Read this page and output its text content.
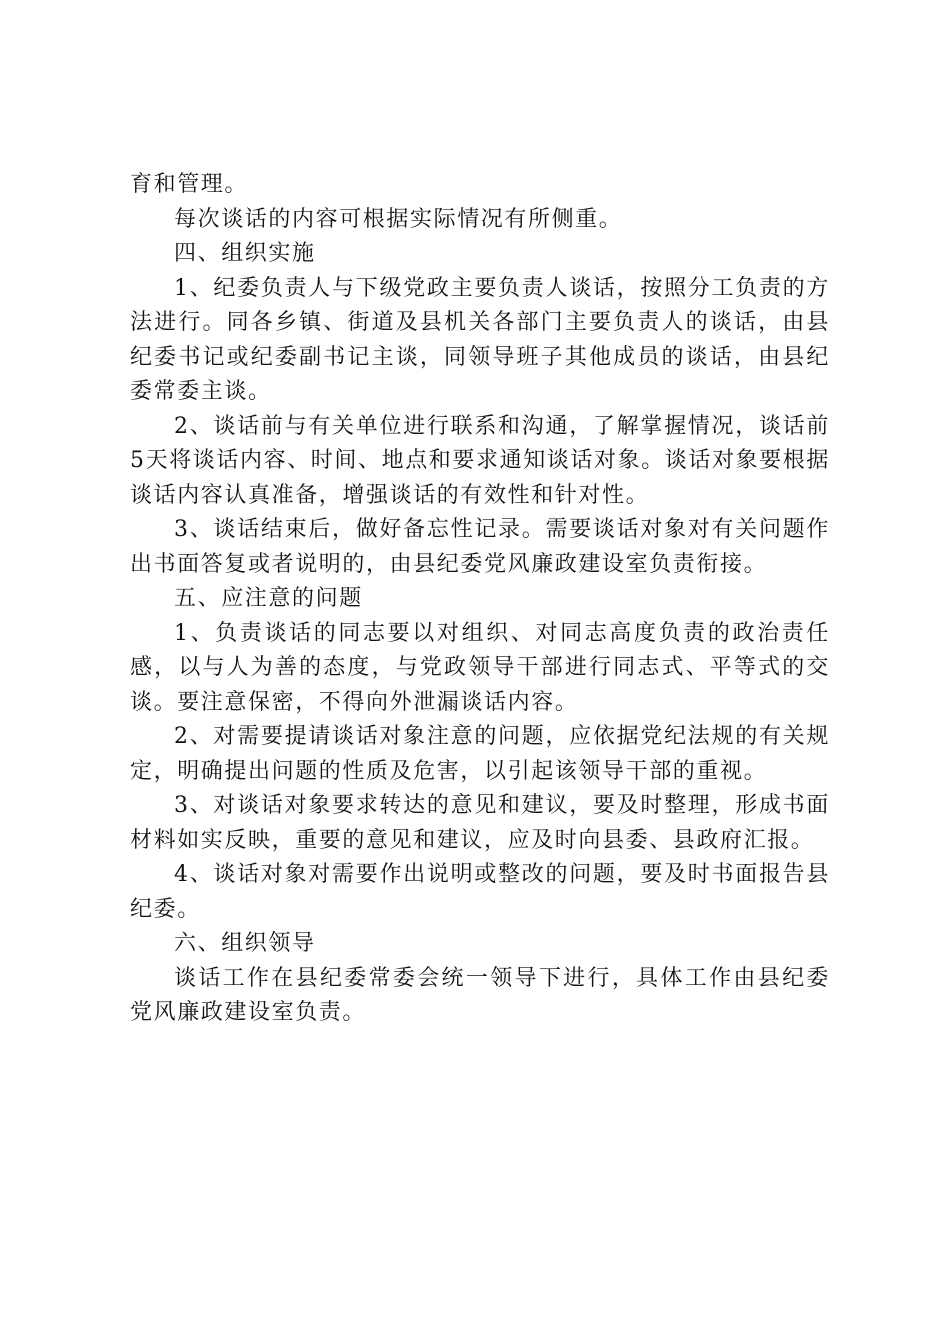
育和管理。

每次谈话的内容可根据实际情况有所侧重。

四、组织实施

1、纪委负责人与下级党政主要负责人谈话，按照分工负责的方法进行。同各乡镇、街道及县机关各部门主要负责人的谈话，由县纪委书记或纪委副书记主谈，同领导班子其他成员的谈话，由县纪委常委主谈。

2、谈话前与有关单位进行联系和沟通，了解掌握情况，谈话前5天将谈话内容、时间、地点和要求通知谈话对象。谈话对象要根据谈话内容认真准备，增强谈话的有效性和针对性。

3、谈话结束后，做好备忘性记录。需要谈话对象对有关问题作出书面答复或者说明的，由县纪委党风廉政建设室负责衔接。

五、应注意的问题

1、负责谈话的同志要以对组织、对同志高度负责的政治责任感，以与人为善的态度，与党政领导干部进行同志式、平等式的交谈。要注意保密，不得向外泄漏谈话内容。

2、对需要提请谈话对象注意的问题，应依据党纪法规的有关规定，明确提出问题的性质及危害，以引起该领导干部的重视。

3、对谈话对象要求转达的意见和建议，要及时整理，形成书面材料如实反映，重要的意见和建议，应及时向县委、县政府汇报。

4、谈话对象对需要作出说明或整改的问题，要及时书面报告县纪委。

六、组织领导

谈话工作在县纪委常委会统一领导下进行，具体工作由县纪委党风廉政建设室负责。
